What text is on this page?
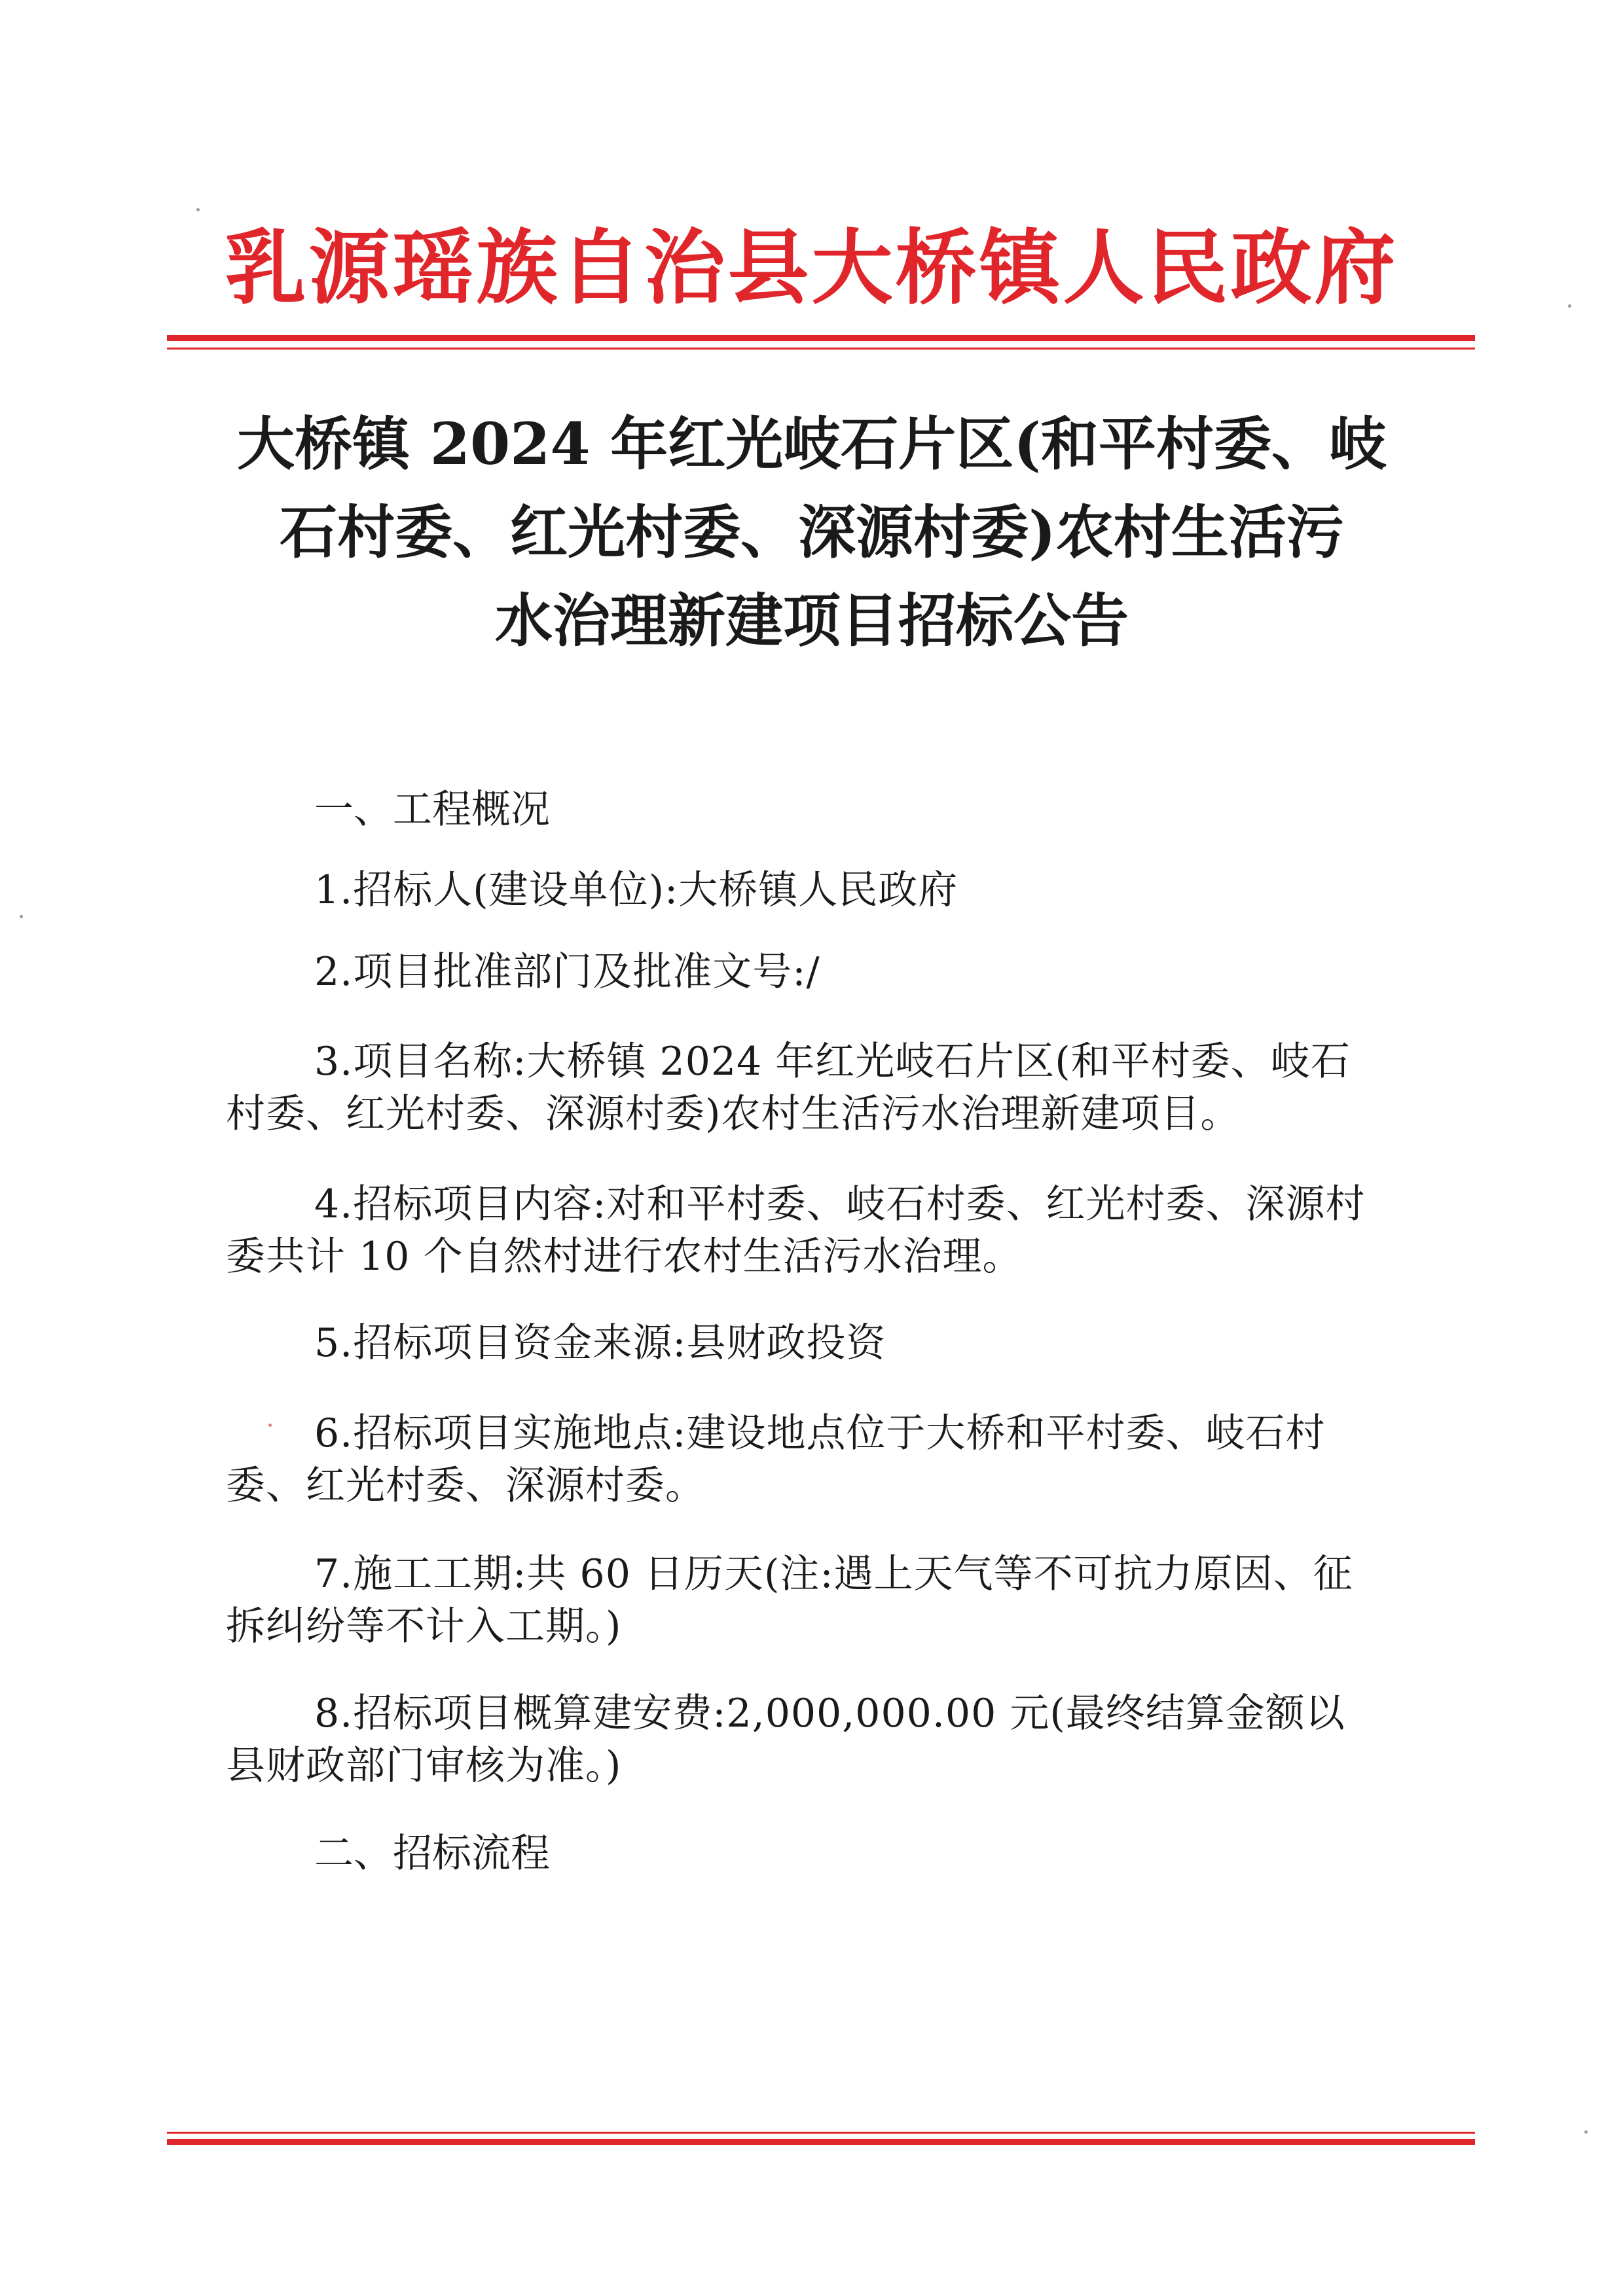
乳源瑶族自治县大桥镇人民政府
大桥镇 2024 年红光岐石片区(和平村委、岐
石村委、红光村委、深源村委)农村生活污
水治理新建项目招标公告
一、工程概况
1.招标人(建设单位):大桥镇人民政府
2.项目批准部门及批准文号:/
3.项目名称:大桥镇 2024 年红光岐石片区(和平村委、岐石村委、红光村委、深源村委)农村生活污水治理新建项目。
4.招标项目内容:对和平村委、岐石村委、红光村委、深源村委共计 10 个自然村进行农村生活污水治理。
5.招标项目资金来源:县财政投资
6.招标项目实施地点:建设地点位于大桥和平村委、岐石村委、红光村委、深源村委。
7.施工工期:共 60 日历天(注:遇上天气等不可抗力原因、征拆纠纷等不计入工期。)
8.招标项目概算建安费:2,000,000.00 元(最终结算金额以县财政部门审核为准。)
二、招标流程
